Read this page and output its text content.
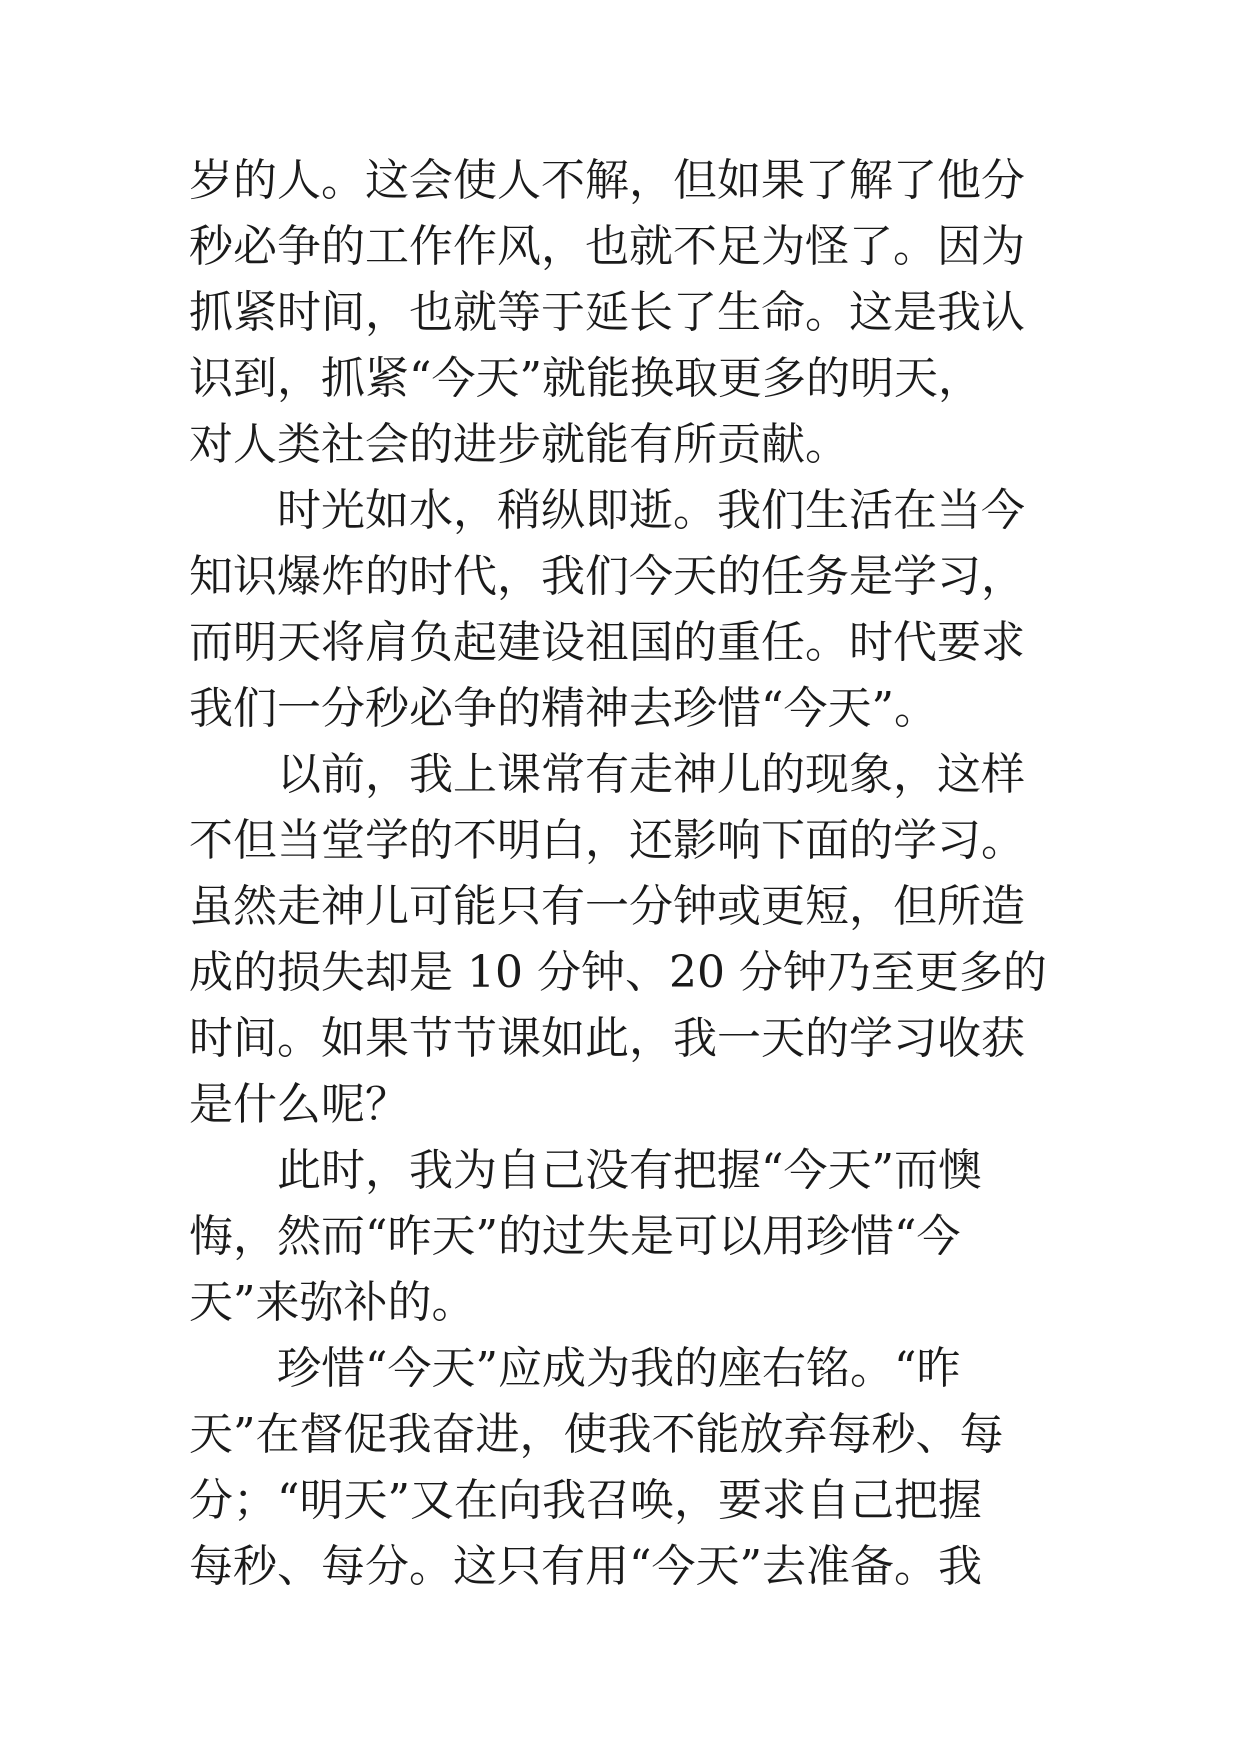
岁的人。这会使人不解，但如果了解了他分
秒必争的工作作风，也就不足为怪了。因为
抓紧时间，也就等于延长了生命。这是我认
识到，抓紧“今天”就能换取更多的明天，
对人类社会的进步就能有所贡献。
时光如水，稍纵即逝。我们生活在当今
知识爆炸的时代，我们今天的任务是学习，
而明天将肩负起建设祖国的重任。时代要求
我们一分秒必争的精神去珍惜“今天”。
以前，我上课常有走神儿的现象，这样
不但当堂学的不明白，还影响下面的学习。
虽然走神儿可能只有一分钟或更短，但所造
成的损失却是 10 分钟、20 分钟乃至更多的
时间。如果节节课如此，我一天的学习收获
是什么呢？
此时，我为自己没有把握“今天”而懊
悔，然而“昨天”的过失是可以用珍惜“今
天”来弥补的。
珍惜“今天”应成为我的座右铭。“昨
天”在督促我奋进，使我不能放弃每秒、每
分；“明天”又在向我召唤，要求自己把握
每秒、每分。这只有用“今天”去准备。我
